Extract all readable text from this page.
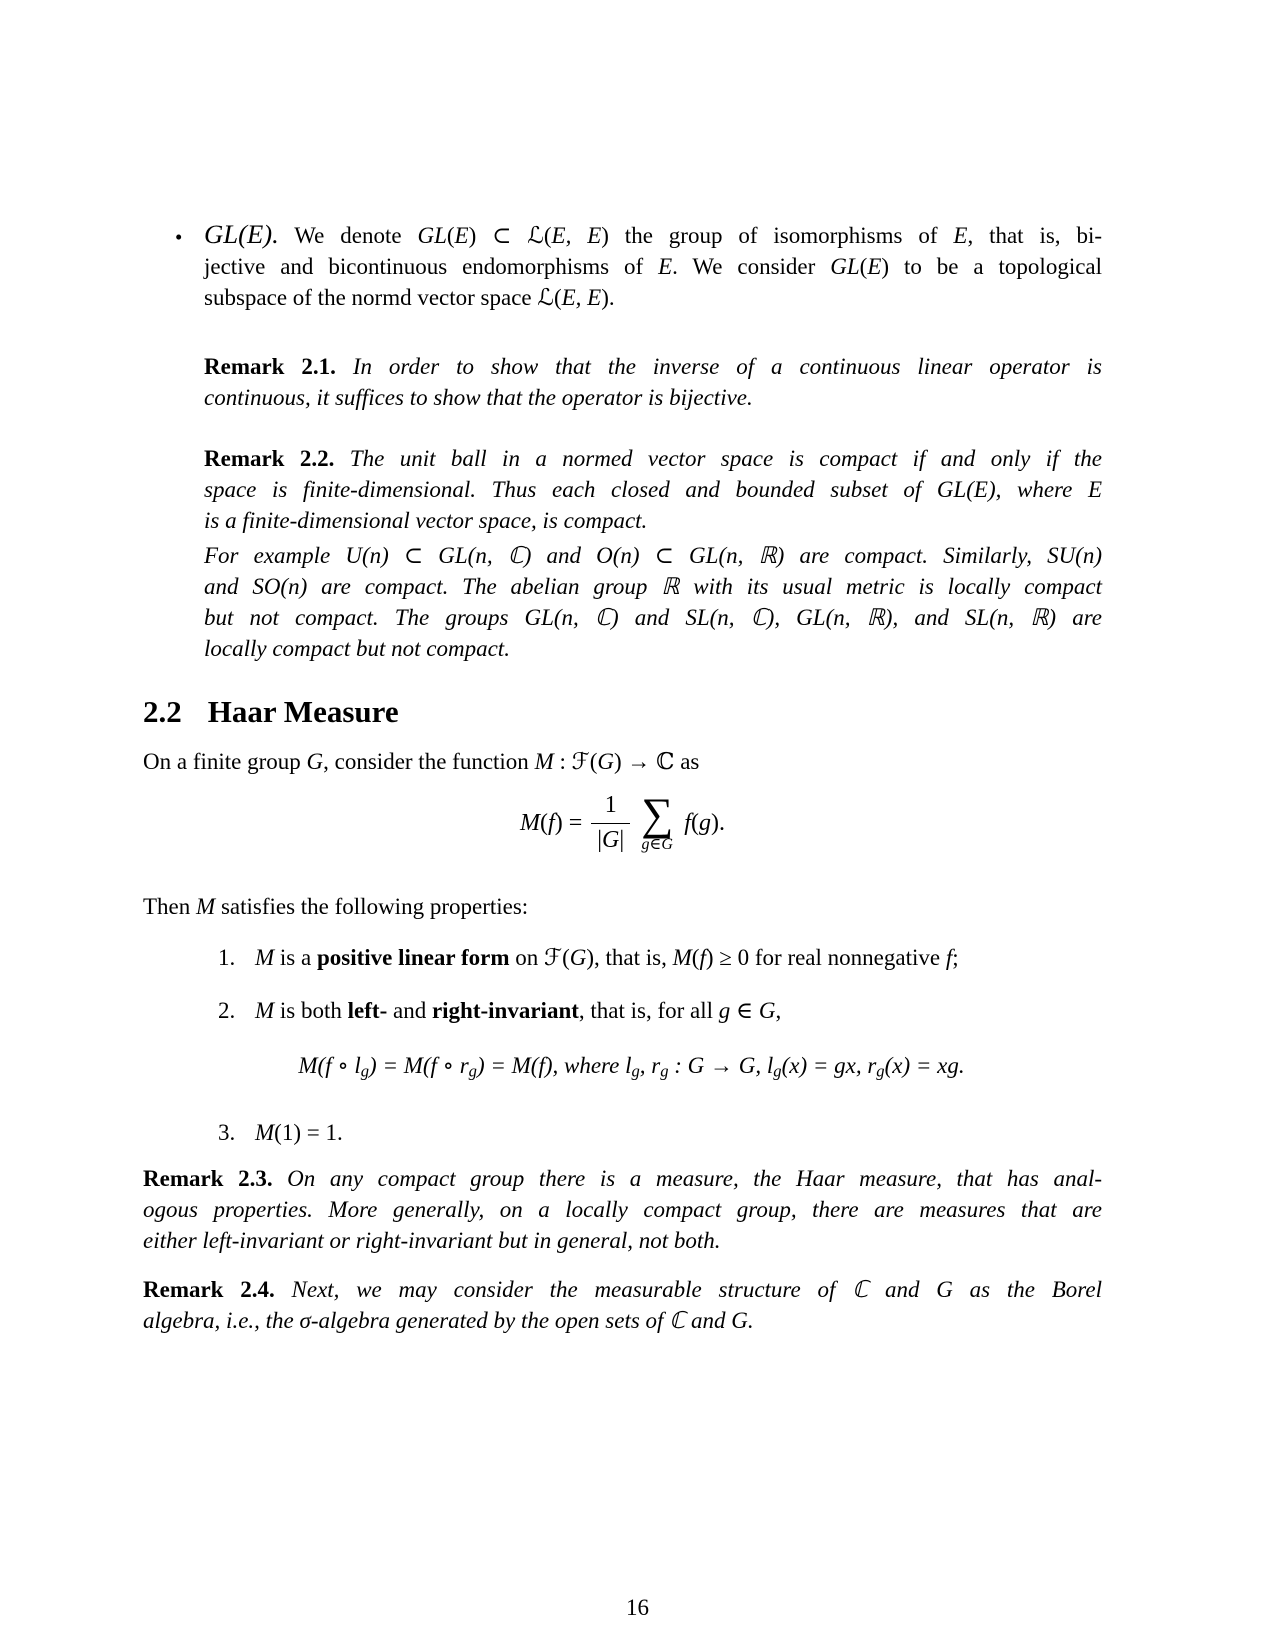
• GL(E). We denote GL(E) ⊂ ℒ(E, E) the group of isomorphisms of E, that is, bi-
jective and bicontinuous endomorphisms of E. We consider GL(E) to be a topological
subspace of the normd vector space ℒ(E, E).
Remark 2.1. In order to show that the inverse of a continuous linear operator is
continuous, it suffices to show that the operator is bijective.
Remark 2.2. The unit ball in a normed vector space is compact if and only if the
space is finite-dimensional. Thus each closed and bounded subset of GL(E), where E
is a finite-dimensional vector space, is compact.
For example U(n) ⊂ GL(n, ℂ) and O(n) ⊂ GL(n, ℝ) are compact. Similarly, SU(n)
and SO(n) are compact. The abelian group ℝ with its usual metric is locally compact
but not compact. The groups GL(n, ℂ) and SL(n, ℂ), GL(n, ℝ), and SL(n, ℝ) are
locally compact but not compact.
2.2 Haar Measure
On a finite group G, consider the function M : ℱ(G) → ℂ as
$M(f) = \frac{1}{|G|}$ ∑
g∈G
f(g).
Then M satisfies the following properties:
1. M is a positive linear form on ℱ(G), that is, M(f) ≥ 0 for real nonnegative f;
2. M is both left- and right-invariant, that is, for all g ∈ G,
M(f ∘ lg) = M(f ∘ rg) = M(f), where lg, rg : G → G, lg(x) = gx, rg(x) = xg.
3. M(1) = 1.
Remark 2.3. On any compact group there is a measure, the Haar measure, that has anal-
ogous properties. More generally, on a locally compact group, there are measures that are
either left-invariant or right-invariant but in general, not both.
Remark 2.4. Next, we may consider the measurable structure of ℂ and G as the Borel
algebra, i.e., the σ-algebra generated by the open sets of ℂ and G.
16
